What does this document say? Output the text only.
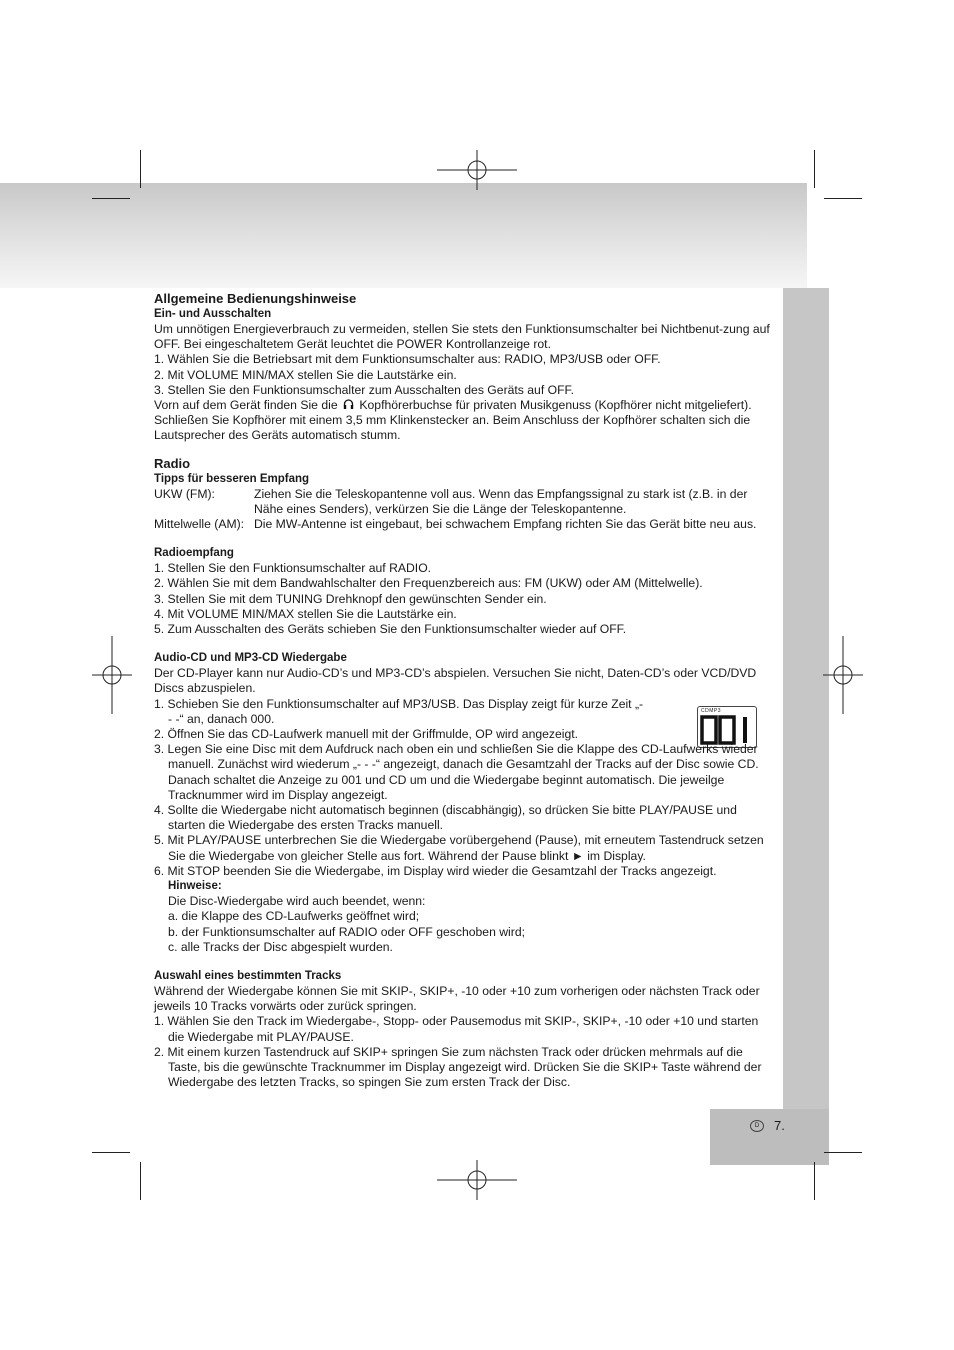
D	7.
CDMP3

Allgemeine Bedienungshinweise

Ein- und Ausschalten

Um unnötigen Energieverbrauch zu vermeiden, stellen Sie stets den Funktionsumschalter bei Nichtbenut-zung auf OFF. Bei eingeschaltetem Gerät leuchtet die POWER Kontrollanzeige rot.

1. Wählen Sie die Betriebsart mit dem Funktionsumschalter aus: RADIO, MP3/USB oder OFF.

2. Mit VOLUME MIN/MAX stellen Sie die Lautstärke ein.

3. Stellen Sie den Funktionsumschalter zum Ausschalten des Geräts auf OFF.

Vorn auf dem Gerät finden Sie die Kopfhörerbuchse für privaten Musikgenuss (Kopfhörer nicht mitgeliefert). Schließen Sie Kopfhörer mit einem 3,5 mm Klinkenstecker an. Beim Anschluss der Kopfhörer schalten sich die Lautsprecher des Geräts automatisch stumm.

Radio

Tipps für besseren Empfang

UKW (FM):	Ziehen Sie die Teleskopantenne voll aus. Wenn das Empfangssignal zu stark ist (z.B. in der Nähe eines Senders), verkürzen Sie die Länge der Teleskopantenne.
Mittelwelle (AM): Die MW-Antenne ist eingebaut, bei schwachem Empfang richten Sie das Gerät bitte neu aus.

Radioempfang

1. Stellen Sie den Funktionsumschalter auf RADIO.

2. Wählen Sie mit dem Bandwahlschalter den Frequenzbereich aus: FM (UKW) oder AM (Mittelwelle).

3. Stellen Sie mit dem TUNING Drehknopf den gewünschten Sender ein.

4. Mit VOLUME MIN/MAX stellen Sie die Lautstärke ein.

5. Zum Ausschalten des Geräts schieben Sie den Funktionsumschalter wieder auf OFF.

Audio-CD und MP3-CD Wiedergabe

Der CD-Player kann nur Audio-CD’s und MP3-CD’s abspielen. Versuchen Sie nicht, Daten-CD’s oder VCD/DVD Discs abzuspielen.

1. Schieben Sie den Funktionsumschalter auf MP3/USB. Das Display zeigt für kurze Zeit „- - -“ an, danach 000.

2. Öffnen Sie das CD-Laufwerk manuell mit der Griffmulde, OP wird angezeigt.

3. Legen Sie eine Disc mit dem Aufdruck nach oben ein und schließen Sie die Klappe des CD-Laufwerks wieder manuell. Zunächst wird wiederum „- - -“ angezeigt, danach die Gesamtzahl der Tracks auf der Disc sowie CD. Danach schaltet die Anzeige zu 001 und CD um und die Wiedergabe beginnt automatisch. Die jeweilge Tracknummer wird im Display angezeigt.

4. Sollte die Wiedergabe nicht automatisch beginnen (discabhängig), so drücken Sie bitte PLAY/PAUSE und starten die Wiedergabe des ersten Tracks manuell.

5. Mit PLAY/PAUSE unterbrechen Sie die Wiedergabe vorübergehend (Pause), mit erneutem Tastendruck setzen Sie die Wiedergabe von gleicher Stelle aus fort. Während der Pause blinkt ► im Display.

6. Mit STOP beenden Sie die Wiedergabe, im Display wird wieder die Gesamtzahl der Tracks angezeigt.

Hinweise:

Die Disc-Wiedergabe wird auch beendet, wenn:

a. die Klappe des CD-Laufwerks geöffnet wird;

b. der Funktionsumschalter auf RADIO oder OFF geschoben wird;

c. alle Tracks der Disc abgespielt wurden.

Auswahl eines bestimmten Tracks

Während der Wiedergabe können Sie mit SKIP-, SKIP+, -10 oder +10 zum vorherigen oder nächsten Track oder jeweils 10 Tracks vorwärts oder zurück springen.

1. Wählen Sie den Track im Wiedergabe-, Stopp- oder Pausemodus mit SKIP-, SKIP+, -10 oder +10 und starten die Wiedergabe mit PLAY/PAUSE.

2. Mit einem kurzen Tastendruck auf SKIP+ springen Sie zum nächsten Track oder drücken mehrmals auf die Taste, bis die gewünschte Tracknummer im Display angezeigt wird. Drücken Sie die SKIP+ Taste während der Wiedergabe des letzten Tracks, so spingen Sie zum ersten Track der Disc.
